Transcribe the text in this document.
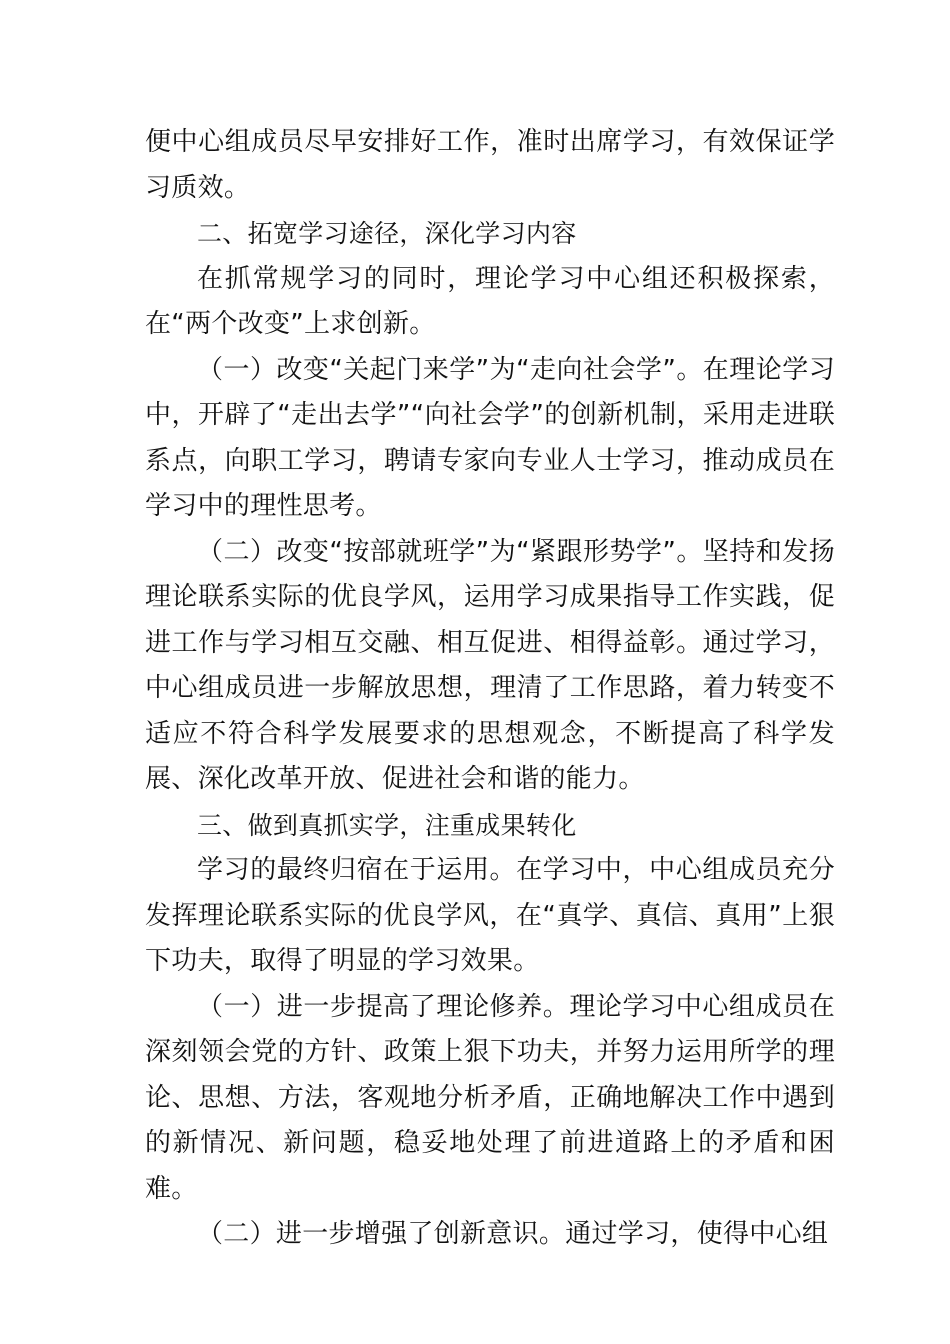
便中心组成员尽早安排好工作，准时出席学习，有效保证学习质效。

二、拓宽学习途径，深化学习内容

在抓常规学习的同时，理论学习中心组还积极探索，在“两个改变”上求创新。

（一）改变“关起门来学”为“走向社会学”。在理论学习中，开辟了“走出去学”“向社会学”的创新机制，采用走进联系点，向职工学习，聘请专家向专业人士学习，推动成员在学习中的理性思考。

（二）改变“按部就班学”为“紧跟形势学”。坚持和发扬理论联系实际的优良学风，运用学习成果指导工作实践，促进工作与学习相互交融、相互促进、相得益彰。通过学习，中心组成员进一步解放思想，理清了工作思路，着力转变不适应不符合科学发展要求的思想观念，不断提高了科学发展、深化改革开放、促进社会和谐的能力。

三、做到真抓实学，注重成果转化

学习的最终归宿在于运用。在学习中，中心组成员充分发挥理论联系实际的优良学风，在“真学、真信、真用”上狠下功夫，取得了明显的学习效果。

（一）进一步提高了理论修养。理论学习中心组成员在深刻领会党的方针、政策上狠下功夫，并努力运用所学的理论、思想、方法，客观地分析矛盾，正确地解决工作中遇到的新情况、新问题，稳妥地处理了前进道路上的矛盾和困难。

（二）进一步增强了创新意识。通过学习，使得中心组
